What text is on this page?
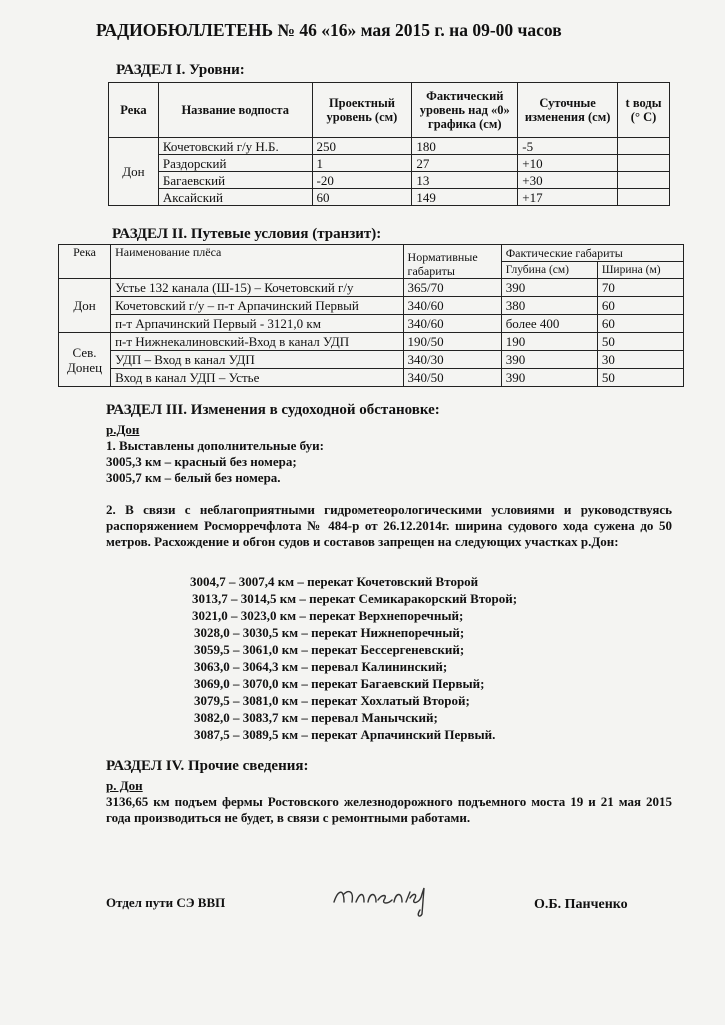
РАДИОБЮЛЛЕТЕНЬ № 46 «16» мая 2015 г. на 09-00 часов
РАЗДЕЛ I. Уровни:
Река	Название водпоста	Проектный уровень (см)	Фактический уровень над «0» графика (см)	Суточные изменения (см)	t воды (° С)
Дон	Кочетовский г/у Н.Б.	250	180	-5	
	Раздорский	1	27	+10	
	Багаевский	-20	13	+30	
	Аксайский	60	149	+17	
РАЗДЕЛ II. Путевые условия (транзит):
Река	Наименование плёса	Нормативные габариты	Фактические габариты	
			Глубина (см)	Ширина (м)
Дон	Устье 132 канала (Ш-15) – Кочетовский г/у	365/70	390	70
	Кочетовский г/у – п-т Арпачинский Первый	340/60	380	60
	п-т Арпачинский Первый - 3121,0 км	340/60	более 400	60
Сев. Донец	п-т Нижнекалиновский-Вход в канал УДП	190/50	190	50
	УДП – Вход в канал УДП	340/30	390	30
	Вход в канал УДП – Устье	340/50	390	50
РАЗДЕЛ III. Изменения в судоходной обстановке:
р.Дон
1. Выставлены дополнительные буи:
3005,3 км – красный без номера;
3005,7 км – белый без номера.
2. В связи с неблагоприятными гидрометеорологическими условиями и руководствуясь распоряжением Росморречфлота № 484-р от 26.12.2014г. ширина судового хода сужена до 50 метров. Расхождение и обгон судов и составов запрещен на следующих участках р.Дон:
3004,7 – 3007,4 км – перекат Кочетовский Второй
3013,7 – 3014,5 км – перекат Семикаракорский Второй;
3021,0 – 3023,0 км – перекат Верхнепоречный;
3028,0 – 3030,5 км – перекат Нижнепоречный;
3059,5 – 3061,0 км – перекат Бессергеневский;
3063,0 – 3064,3 км – перевал Калининский;
3069,0 – 3070,0 км – перекат Багаевский Первый;
3079,5 – 3081,0 км – перекат Хохлатый Второй;
3082,0 – 3083,7 км – перевал Манычский;
3087,5 – 3089,5 км – перекат Арпачинский Первый.
РАЗДЕЛ IV. Прочие сведения:
р. Дон
3136,65 км подъем фермы Ростовского железнодорожного подъемного моста 19 и 21 мая 2015 года производиться не будет, в связи с ремонтными работами.
Отдел пути СЭ ВВП	О.Б. Панченко
